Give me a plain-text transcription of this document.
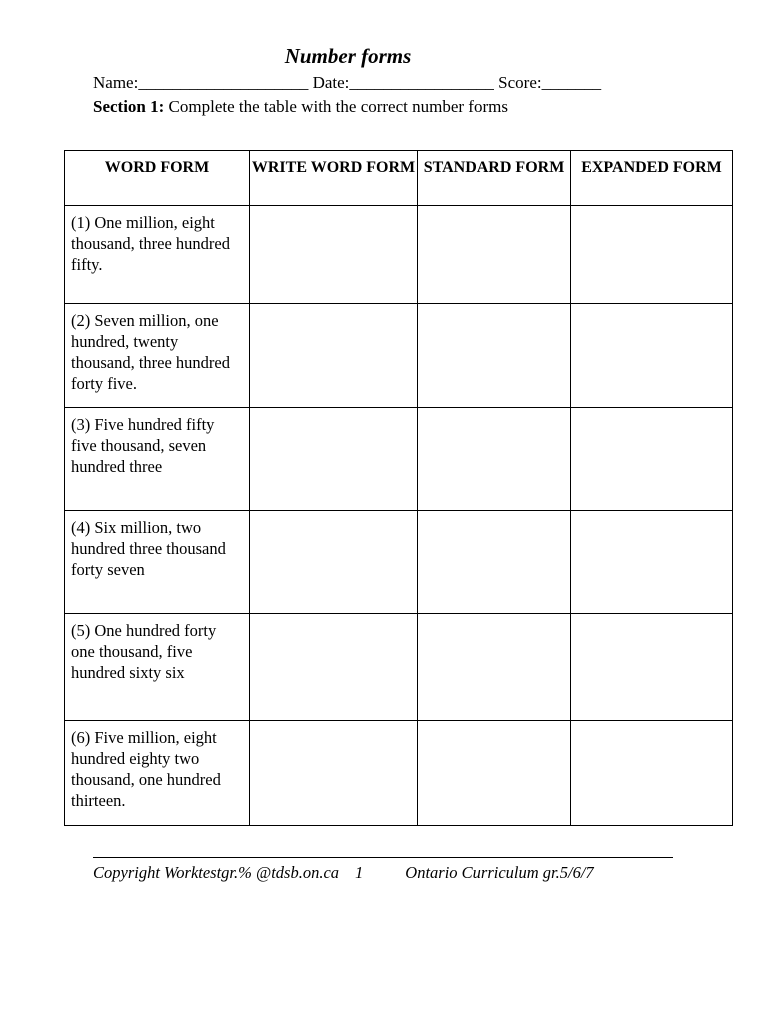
Number forms
Name:____________________ Date:_________________ Score:_______
Section 1: Complete the table with the correct number forms
WORD FORM	WRITE WORD FORM	STANDARD FORM	EXPANDED FORM
(1) One million, eight thousand, three hundred fifty.			
(2) Seven million, one hundred, twenty thousand, three hundred forty five.			
(3) Five hundred fifty five thousand, seven hundred three			
(4) Six million, two hundred three thousand forty seven			
(5) One hundred forty one thousand, five hundred sixty six			
(6) Five million, eight hundred eighty two thousand, one hundred thirteen.			
Copyright Worktestgr.% @tdsb.on.ca 1	Ontario Curriculum gr.5/6/7
